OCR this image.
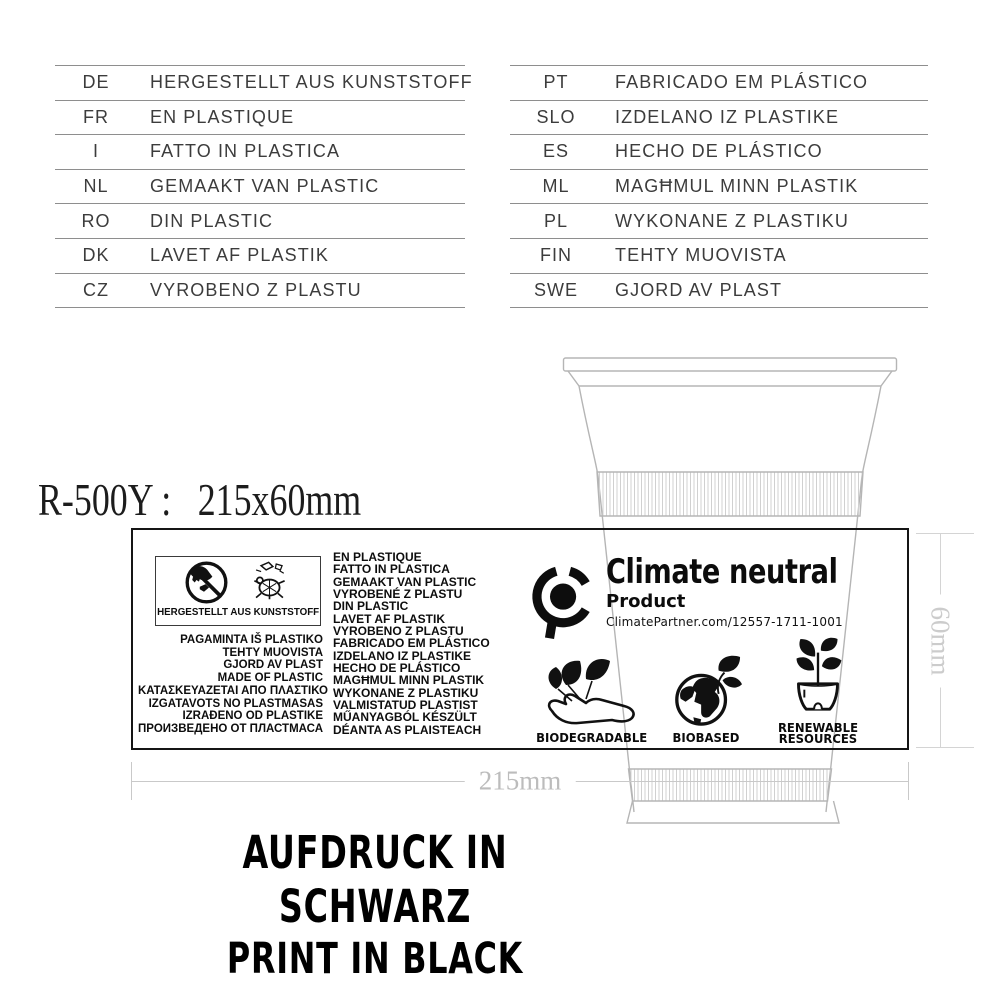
DE	HERGESTELLT AUS KUNSTSTOFF
FR	EN PLASTIQUE
I	FATTO IN PLASTICA
NL	GEMAAKT VAN PLASTIC
RO	DIN PLASTIC
DK	LAVET AF PLASTIK
CZ	VYROBENO Z PLASTU
PT	FABRICADO EM PLÁSTICO
SLO	IZDELANO IZ PLASTIKE
ES	HECHO DE PLÁSTICO
ML	MAGĦMUL MINN PLASTIK
PL	WYKONANE Z PLASTIKU
FIN	TEHTY MUOVISTA
SWE	GJORD AV PLAST
R-500Y : 215x60mm
HERGESTELLT AUS KUNSTSTOFF
PAGAMINTA IŠ PLASTIKO
TEHTY MUOVISTA
GJORD AV PLAST
MADE OF PLASTIC
ΚΑΤΑΣΚΕΥΑΖΕΤΑΙ ΑΠΟ ΠΛΑΣΤΙΚΟ
IZGATAVOTS NO PLASTMASAS
IZRAĐENO OD PLASTIKE
ПРОИЗВЕДЕНО ОТ ПЛАСТМАСА
EN PLASTIQUE
FATTO IN PLASTICA
GEMAAKT VAN PLASTIC
VYROBENÉ Z PLASTU
DIN PLASTIC
LAVET AF PLASTIK
VYROBENO Z PLASTU
FABRICADO EM PLÁSTICO
IZDELANO IZ PLASTIKE
HECHO DE PLÁSTICO
MAGĦMUL MINN PLASTIK
WYKONANE Z PLASTIKU
VALMISTATUD PLASTIST
MŰANYAGBÓL KÉSZÜLT
DÉANTA AS PLAISTEACH
Climate neutral
Product
ClimatePartner.com/12557-1711-1001
BIODEGRADABLE BIOBASED
RENEWABLE RESOURCES
215mm
60mm
AUFDRUCK IN SCHWARZ
PRINT IN BLACK
